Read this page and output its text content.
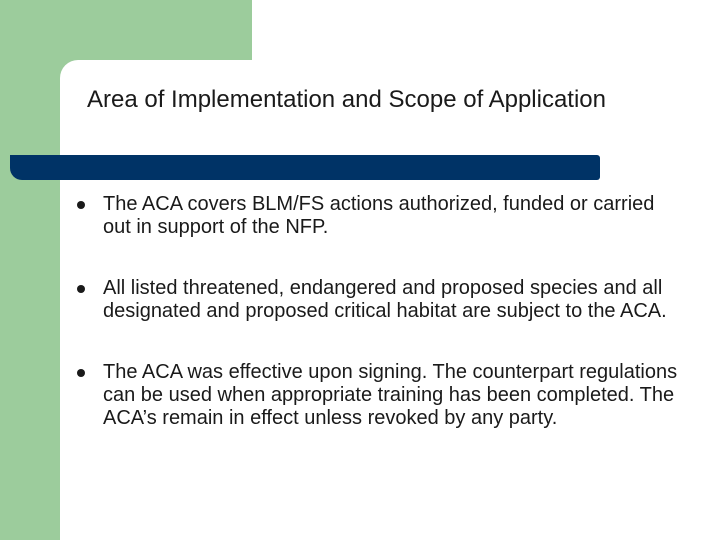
Area of Implementation and Scope of Application
The ACA covers BLM/FS actions authorized, funded or carried out in support of the NFP.
All listed threatened, endangered and proposed species and all designated and proposed critical habitat are subject to the ACA.
The ACA was effective upon signing. The counterpart regulations can be used when appropriate training has been completed. The ACA’s remain in effect unless revoked by any party.
